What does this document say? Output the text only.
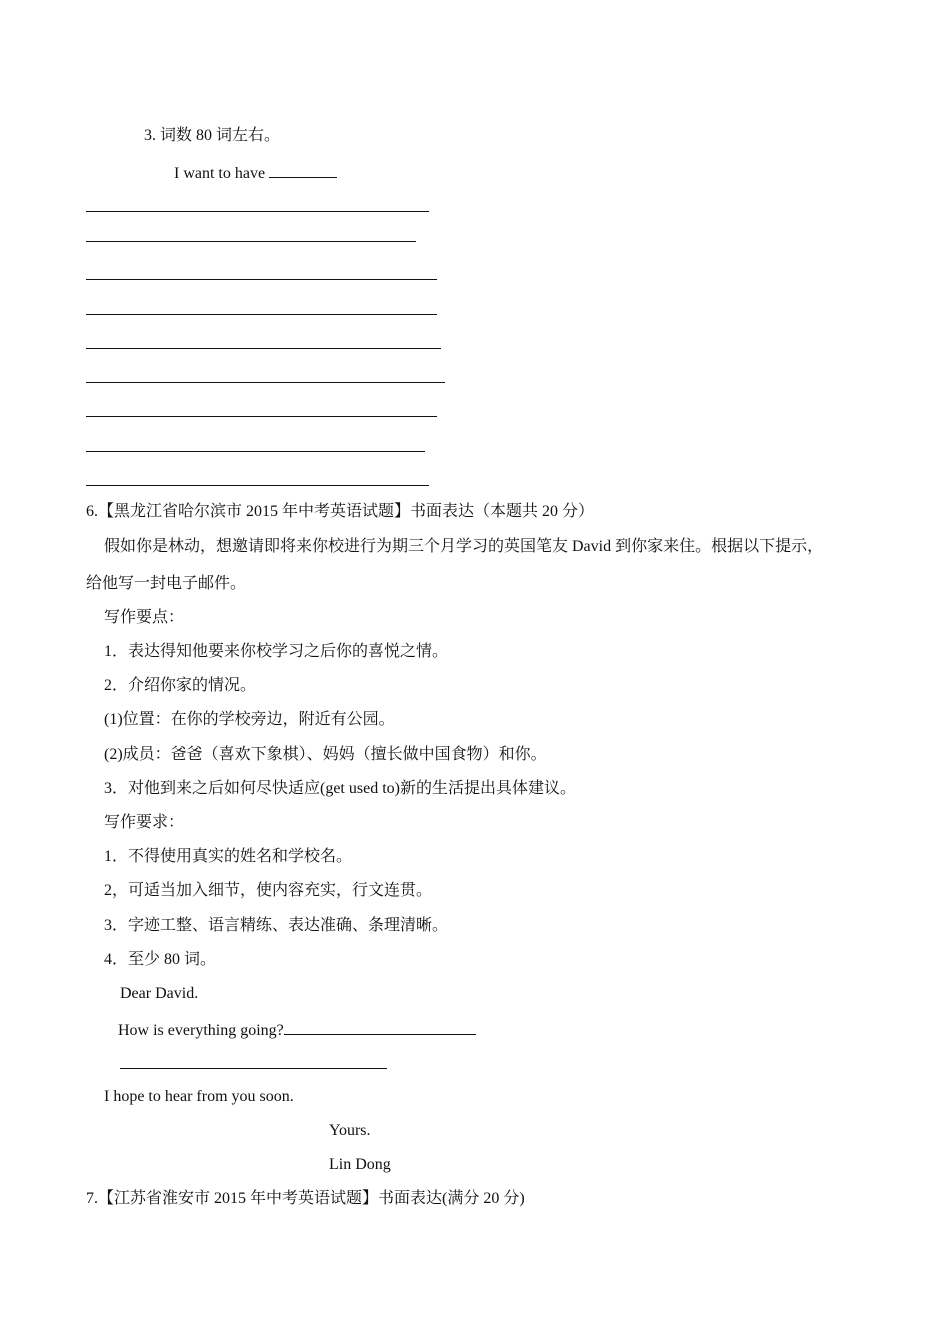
3. 词数 80 词左右。
I want to have
6.【黑龙江省哈尔滨市 2015 年中考英语试题】书面表达（本题共 20 分）
假如你是林动，想邀请即将来你校进行为期三个月学习的英国笔友 David 到你家来住。根据以下提示，
给他写一封电子邮件。
写作要点：
1．表达得知他要来你校学习之后你的喜悦之情。
2．介绍你家的情况。
(1)位置：在你的学校旁边，附近有公园。
(2)成员：爸爸（喜欢下象棋）、妈妈（擅长做中国食物）和你。
3．对他到来之后如何尽快适应(get used to)新的生活提出具体建议。
写作要求：
1．不得使用真实的姓名和学校名。
2，可适当加入细节，使内容充实，行文连贯。
3．字迹工整、语言精练、表达准确、条理清晰。
4．至少 80 词。
Dear David.
How is everything going?
I hope to hear from you soon.
Yours.
Lin Dong
7.【江苏省淮安市 2015 年中考英语试题】书面表达(满分 20 分)
